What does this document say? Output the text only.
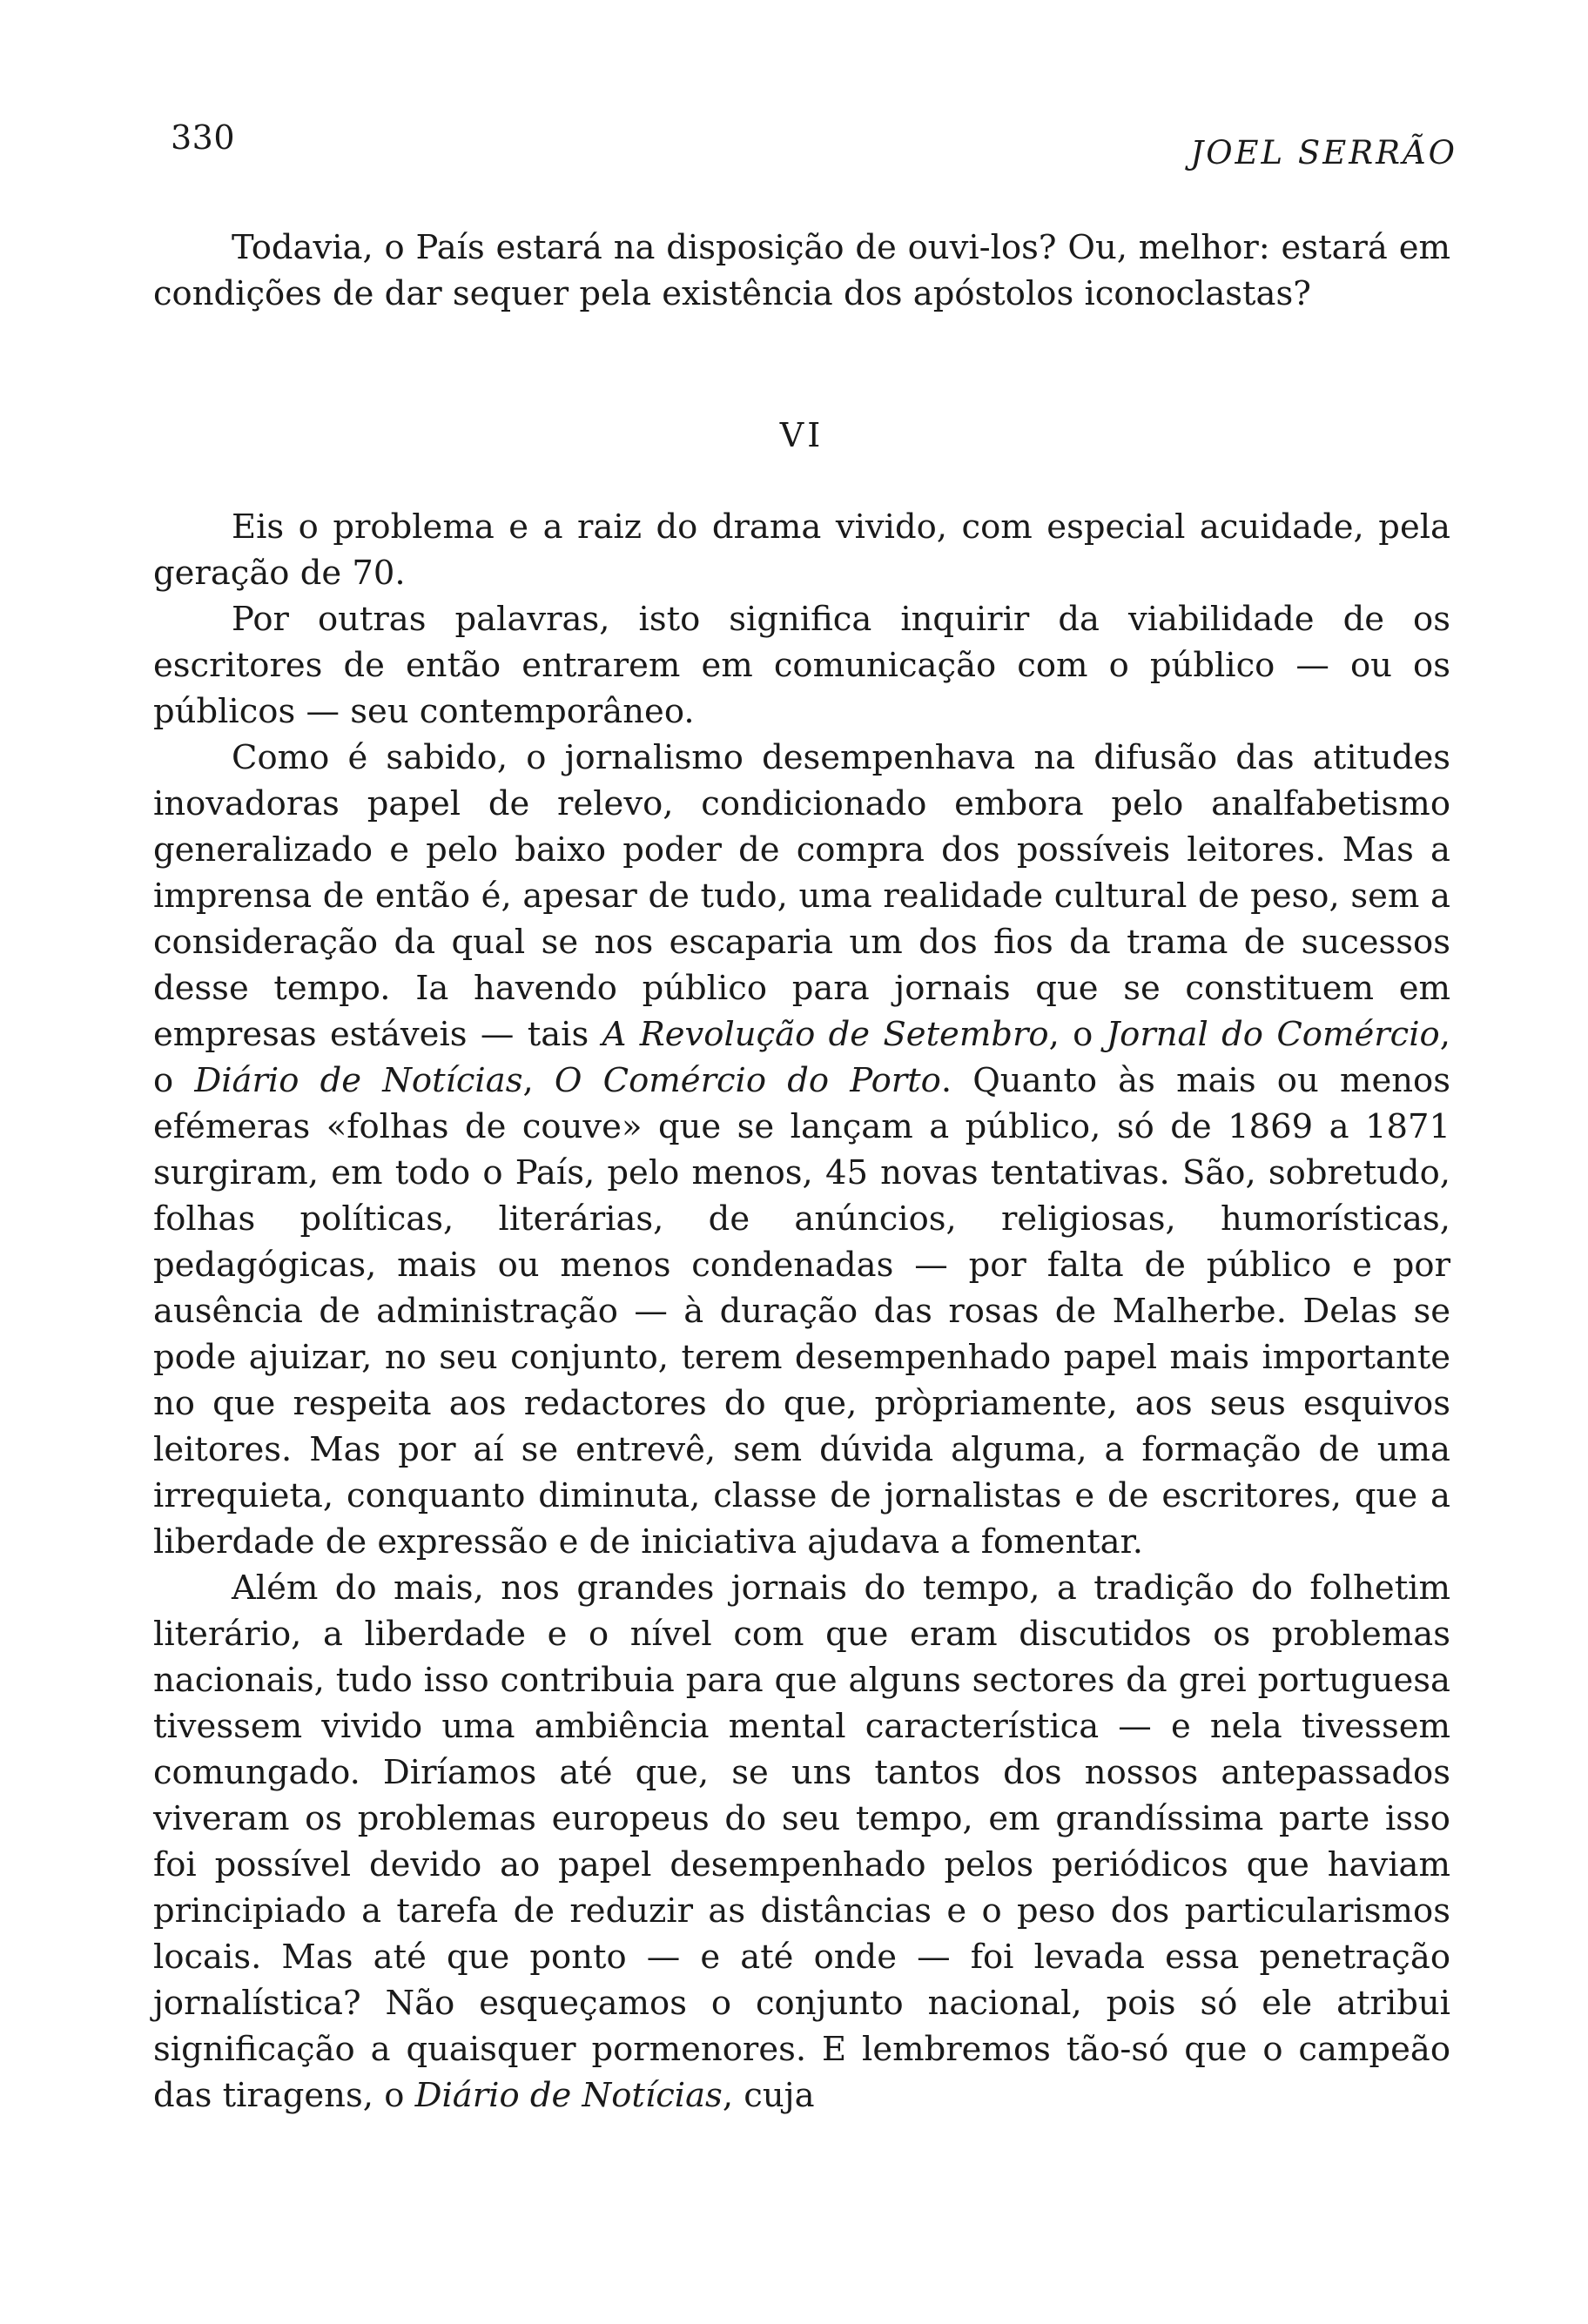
330	JOEL SERRÃO

Todavia, o País estará na disposição de ouvi-los? Ou, melhor: estará em condições de dar sequer pela existência dos apóstolos iconoclastas?

VI

Eis o problema e a raiz do drama vivido, com especial acuidade, pela geração de 70.

Por outras palavras, isto significa inquirir da viabilidade de os escritores de então entrarem em comunicação com o público — ou os públicos — seu contemporâneo.

Como é sabido, o jornalismo desempenhava na difusão das atitudes inovadoras papel de relevo, condicionado embora pelo analfabetismo generalizado e pelo baixo poder de compra dos possíveis leitores. Mas a imprensa de então é, apesar de tudo, uma realidade cultural de peso, sem a consideração da qual se nos escaparia um dos fios da trama de sucessos desse tempo. Ia havendo público para jornais que se constituem em empresas estáveis — tais A Revolução de Setembro, o Jornal do Comércio, o Diário de Notícias, O Comércio do Porto. Quanto às mais ou menos efémeras «folhas de couve» que se lançam a público, só de 1869 a 1871 surgiram, em todo o País, pelo menos, 45 novas tentativas. São, sobretudo, folhas políticas, literárias, de anúncios, religiosas, humorísticas, pedagógicas, mais ou menos condenadas — por falta de público e por ausência de administração — à duração das rosas de Malherbe. Delas se pode ajuizar, no seu conjunto, terem desempenhado papel mais importante no que respeita aos redactores do que, pròpriamente, aos seus esquivos leitores. Mas por aí se entrevê, sem dúvida alguma, a formação de uma irrequieta, conquanto diminuta, classe de jornalistas e de escritores, que a liberdade de expressão e de iniciativa ajudava a fomentar.

Além do mais, nos grandes jornais do tempo, a tradição do folhetim literário, a liberdade e o nível com que eram discutidos os problemas nacionais, tudo isso contribuia para que alguns sectores da grei portuguesa tivessem vivido uma ambiência mental característica — e nela tivessem comungado. Diríamos até que, se uns tantos dos nossos antepassados viveram os problemas europeus do seu tempo, em grandíssima parte isso foi possível devido ao papel desempenhado pelos periódicos que haviam principiado a tarefa de reduzir as distâncias e o peso dos particularismos locais. Mas até que ponto — e até onde — foi levada essa penetração jornalística? Não esqueçamos o conjunto nacional, pois só ele atribui significação a quaisquer pormenores. E lembremos tão-só que o campeão das tiragens, o Diário de Notícias, cuja
